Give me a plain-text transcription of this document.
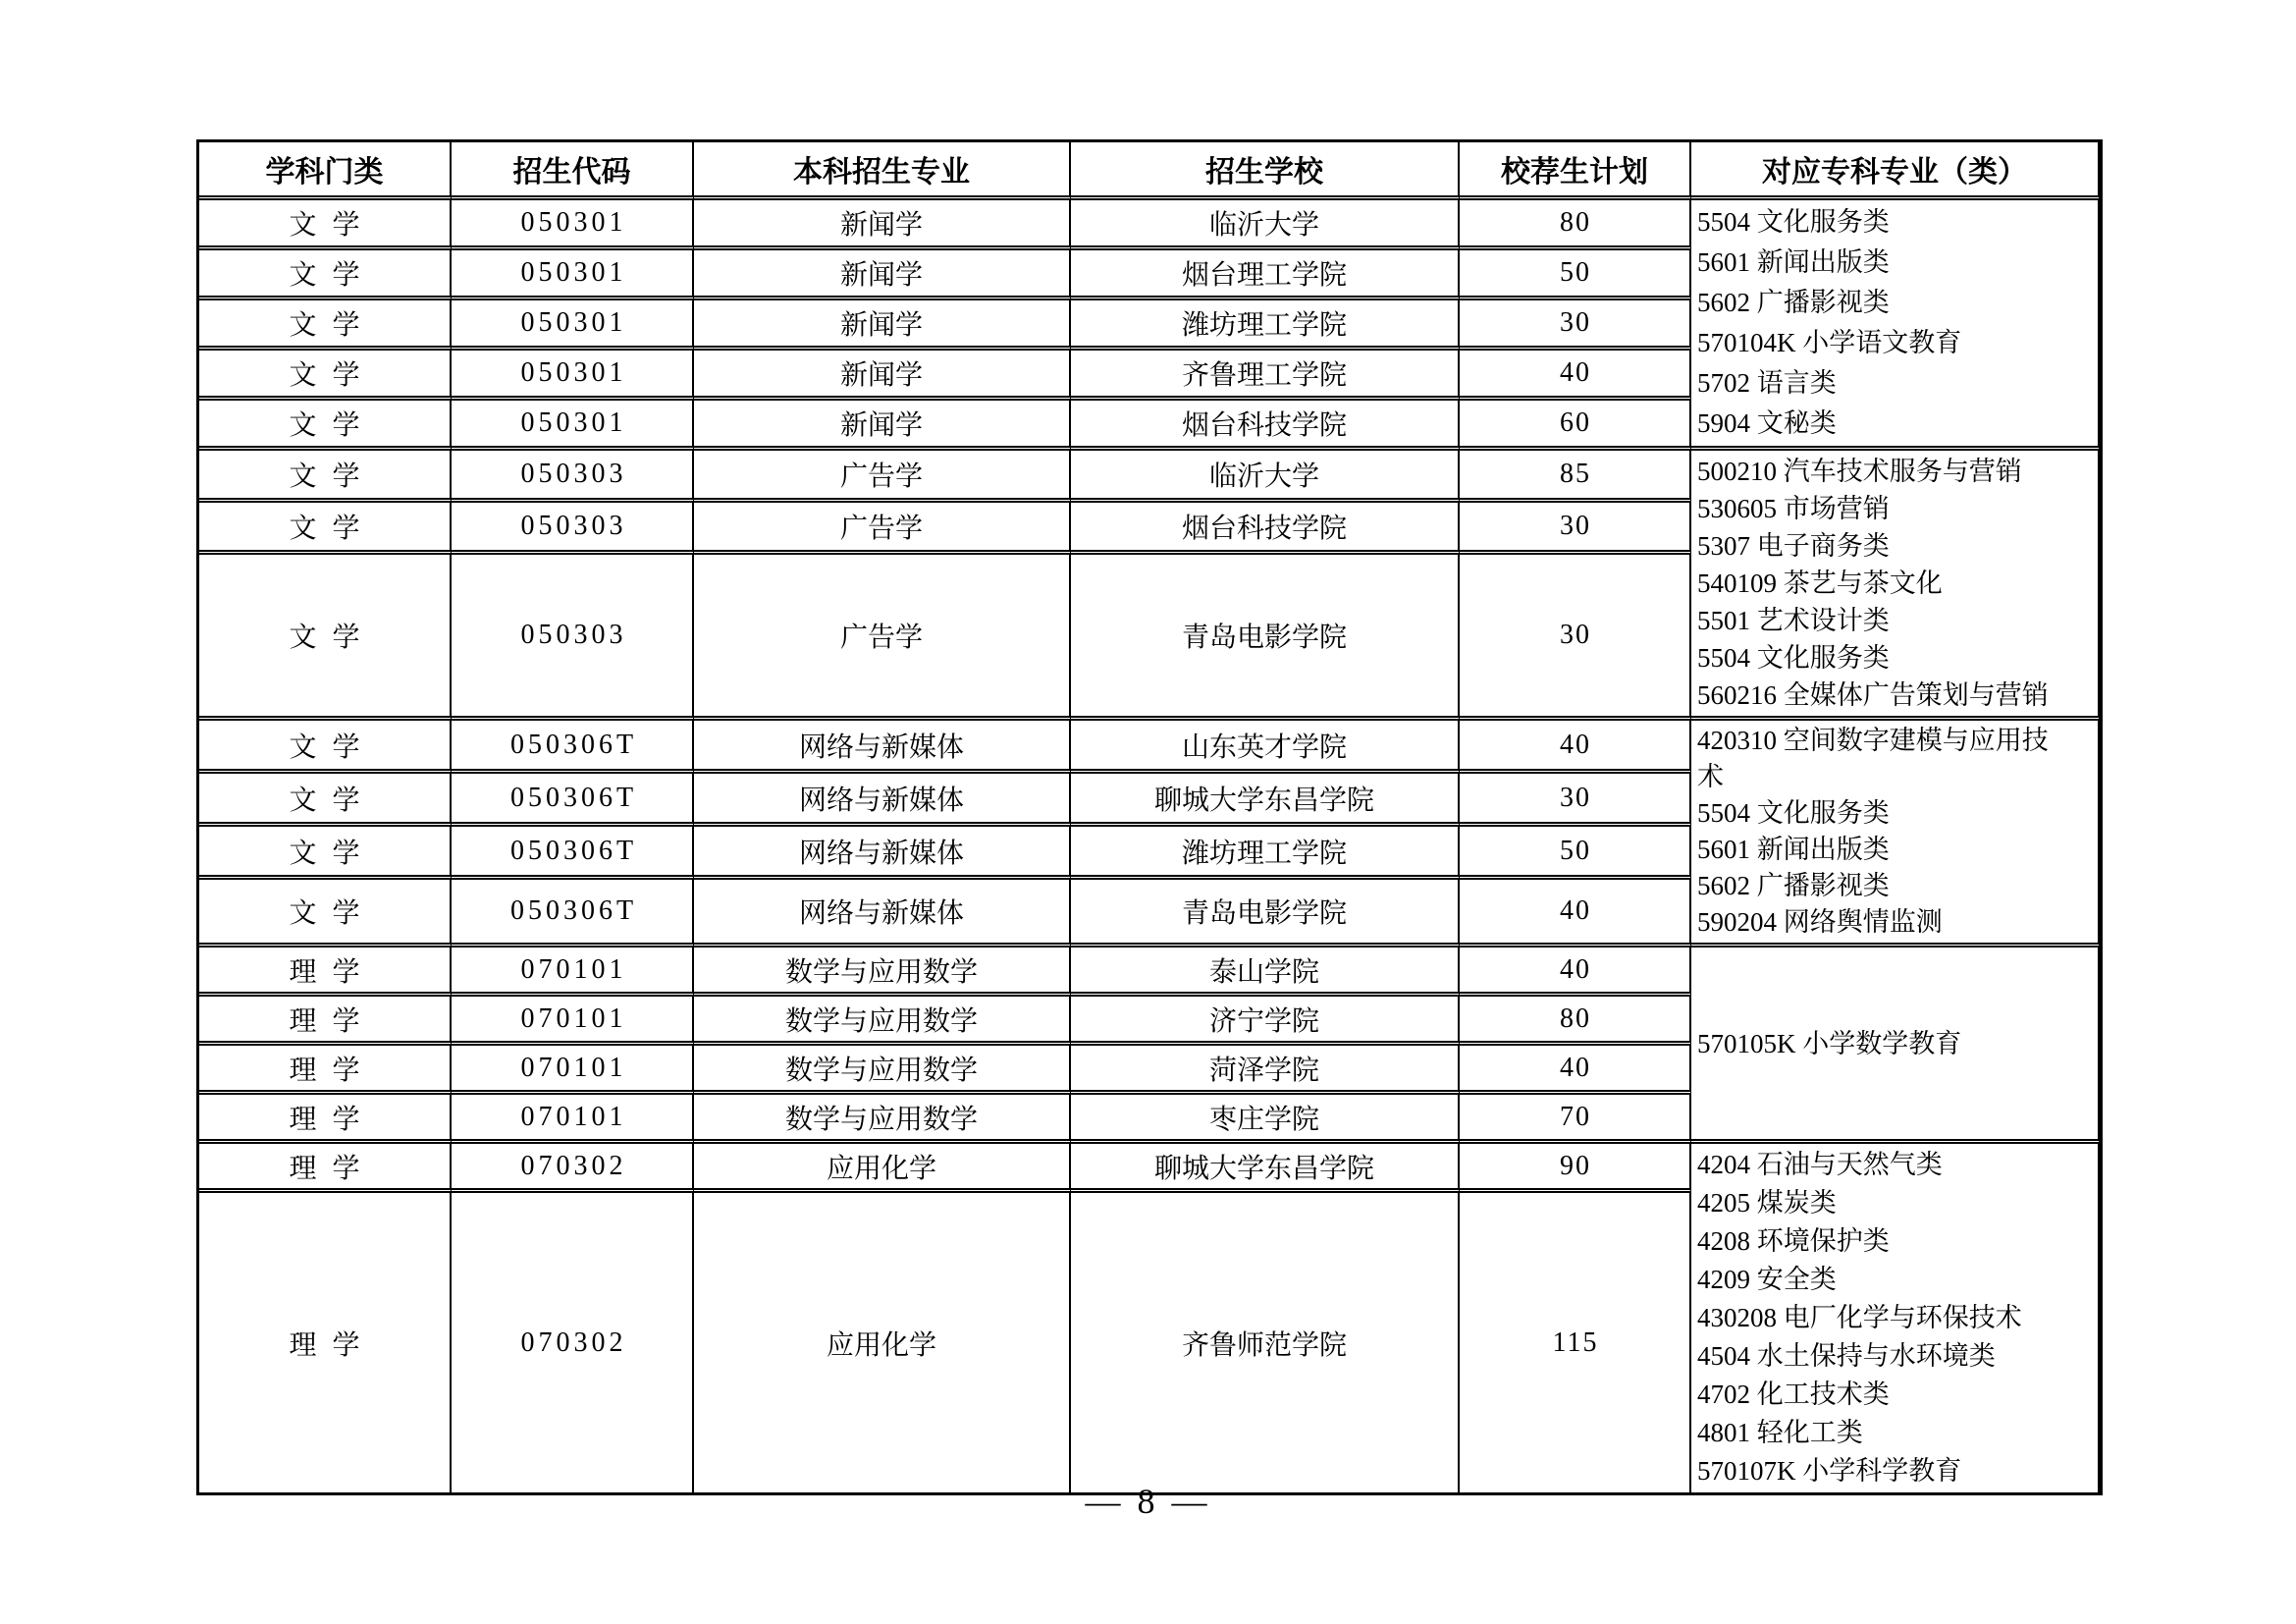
学科门类	招生代码	本科招生专业	招生学校	校荐生计划	对应专科专业（类）
文学	050301	新闻学	临沂大学	80	5504 文化服务类
5601 新闻出版类
5602 广播影视类
570104K 小学语文教育
5702 语言类
5904 文秘类

文学	050301	新闻学	烟台理工学院	50	
文学	050301	新闻学	潍坊理工学院	30	
文学	050301	新闻学	齐鲁理工学院	40	
文学	050301	新闻学	烟台科技学院	60	
文学	050303	广告学	临沂大学	85	500210 汽车技术服务与营销
530605 市场营销
5307 电子商务类
540109 茶艺与茶文化
5501 艺术设计类
5504 文化服务类
560216 全媒体广告策划与营销

文学	050303	广告学	烟台科技学院	30	
文学	050303	广告学	青岛电影学院	30	
文学	050306T	网络与新媒体	山东英才学院	40	420310 空间数字建模与应用技术
5504 文化服务类
5601 新闻出版类
5602 广播影视类
590204 网络舆情监测

文学	050306T	网络与新媒体	聊城大学东昌学院	30	
文学	050306T	网络与新媒体	潍坊理工学院	50	
文学	050306T	网络与新媒体	青岛电影学院	40	
理学	070101	数学与应用数学	泰山学院	40	570105K 小学数学教育

理学	070101	数学与应用数学	济宁学院	80	
理学	070101	数学与应用数学	菏泽学院	40	
理学	070101	数学与应用数学	枣庄学院	70	
理学	070302	应用化学	聊城大学东昌学院	90	4204 石油与天然气类
4205 煤炭类
4208 环境保护类
4209 安全类
430208 电厂化学与环保技术
4504 水土保持与水环境类
4702 化工技术类
4801 轻化工类
570107K 小学科学教育

理学	070302	应用化学	齐鲁师范学院	115	
— 8 —
